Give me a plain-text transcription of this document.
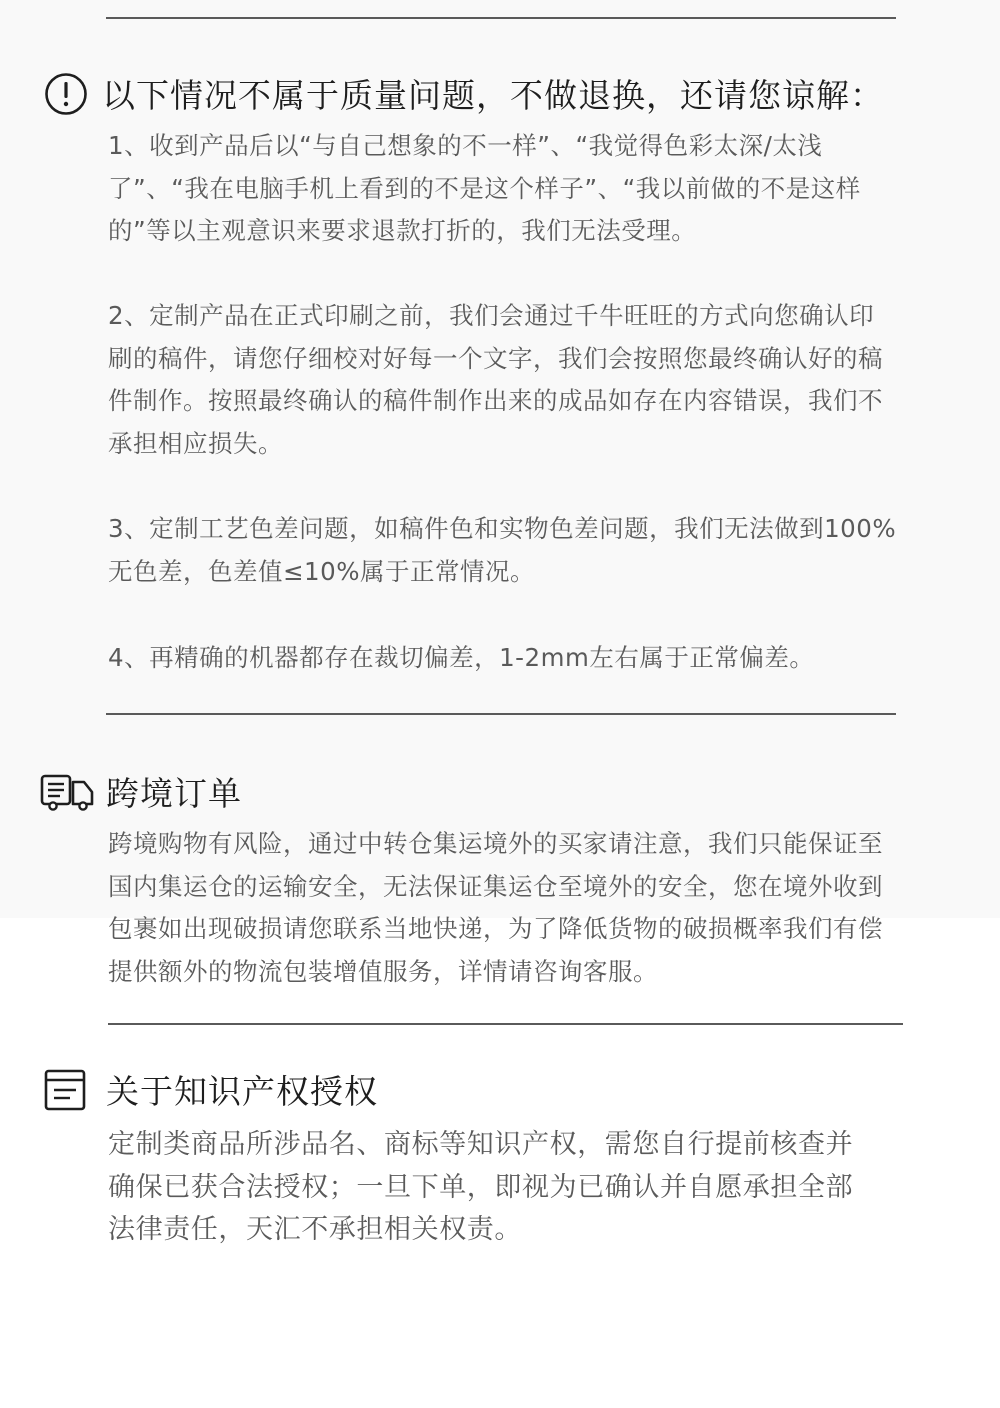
以下情况不属于质量问题，不做退换，还请您谅解：
1、收到产品后以“与自己想象的不一样”、“我觉得色彩太深/太浅了”、“我在电脑手机上看到的不是这个样子”、“我以前做的不是这样的”等以主观意识来要求退款打折的，我们无法受理。
2、定制产品在正式印刷之前，我们会通过千牛旺旺的方式向您确认印刷的稿件，请您仔细校对好每一个文字，我们会按照您最终确认好的稿件制作。按照最终确认的稿件制作出来的成品如存在内容错误，我们不承担相应损失。
3、定制工艺色差问题，如稿件色和实物色差问题，我们无法做到100%无色差，色差值≤10%属于正常情况。
4、再精确的机器都存在裁切偏差，1-2mm左右属于正常偏差。
跨境订单
跨境购物有风险，通过中转仓集运境外的买家请注意，我们只能保证至国内集运仓的运输安全，无法保证集运仓至境外的安全，您在境外收到包裹如出现破损请您联系当地快递，为了降低货物的破损概率我们有偿提供额外的物流包装增值服务，详情请咨询客服。
关于知识产权授权
定制类商品所涉品名、商标等知识产权，需您自行提前核查并确保已获合法授权；一旦下单，即视为已确认并自愿承担全部法律责任，天汇不承担相关权责。
